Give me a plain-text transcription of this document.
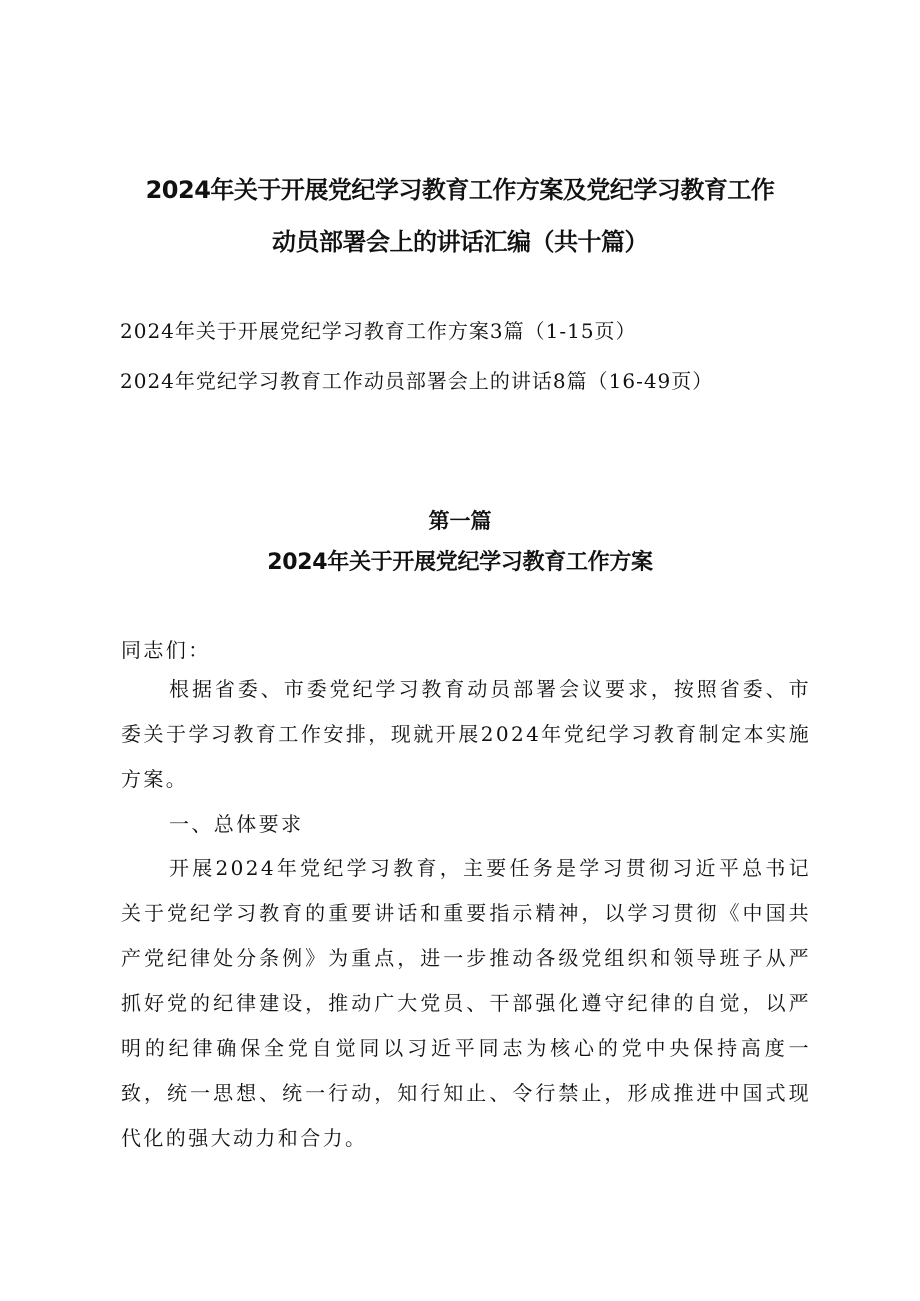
2024年关于开展党纪学习教育工作方案及党纪学习教育工作
动员部署会上的讲话汇编（共十篇）
2024年关于开展党纪学习教育工作方案3篇（1-15页）
2024年党纪学习教育工作动员部署会上的讲话8篇（16-49页）
第一篇
2024年关于开展党纪学习教育工作方案
同志们：
根据省委、市委党纪学习教育动员部署会议要求，按照省委、市委关于学习教育工作安排，现就开展2024年党纪学习教育制定本实施方案。
一、总体要求
开展2024年党纪学习教育，主要任务是学习贯彻习近平总书记关于党纪学习教育的重要讲话和重要指示精神，以学习贯彻《中国共产党纪律处分条例》为重点，进一步推动各级党组织和领导班子从严抓好党的纪律建设，推动广大党员、干部强化遵守纪律的自觉，以严明的纪律确保全党自觉同以习近平同志为核心的党中央保持高度一致，统一思想、统一行动，知行知止、令行禁止，形成推进中国式现代化的强大动力和合力。
